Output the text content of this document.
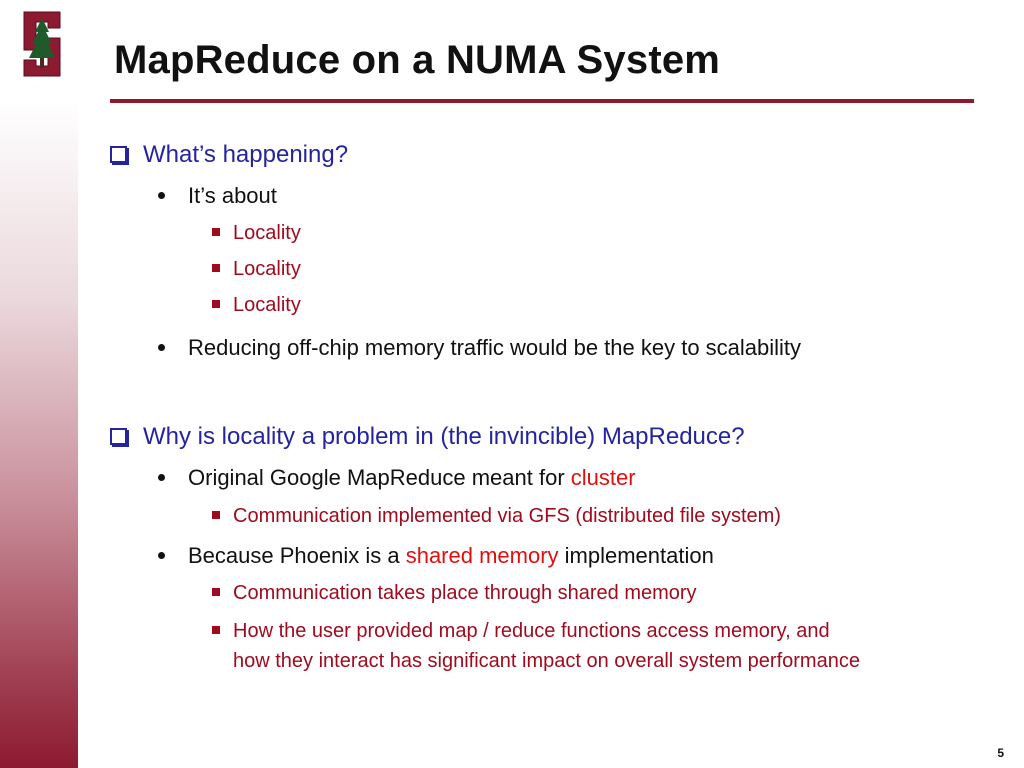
MapReduce on a NUMA System
What’s happening?
It’s about
Locality
Locality
Locality
Reducing off-chip memory traffic would be the key to scalability
Why is locality a problem in (the invincible) MapReduce?
Original Google MapReduce meant for cluster
Communication implemented via GFS (distributed file system)
Because Phoenix is a shared memory implementation
Communication takes place through shared memory
How the user provided map / reduce functions access memory, and
how they interact has significant impact on overall system performance
5
